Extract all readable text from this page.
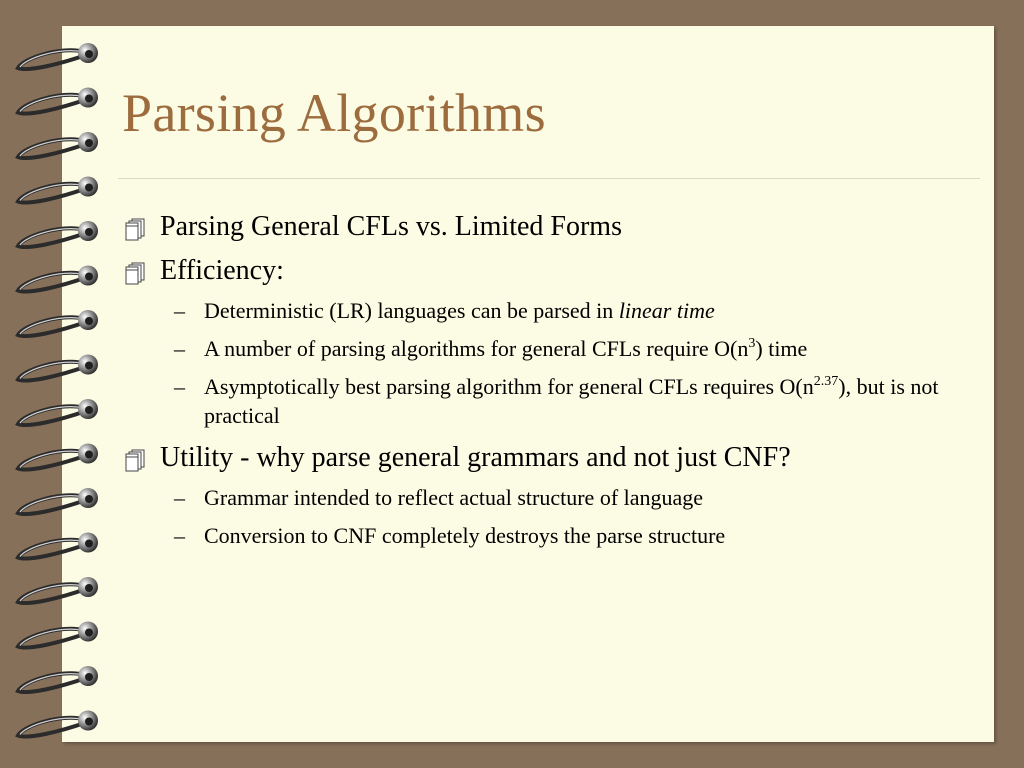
Parsing Algorithms
Parsing General CFLs vs. Limited Forms
Efficiency:
– Deterministic (LR) languages can be parsed in linear time
– A number of parsing algorithms for general CFLs require $O(n^3)$ time
– Asymptotically best parsing algorithm for general CFLs requires $O(n^{2.37})$, but is not practical
Utility - why parse general grammars and not just CNF?
– Grammar intended to reflect actual structure of language
– Conversion to CNF completely destroys the parse structure
